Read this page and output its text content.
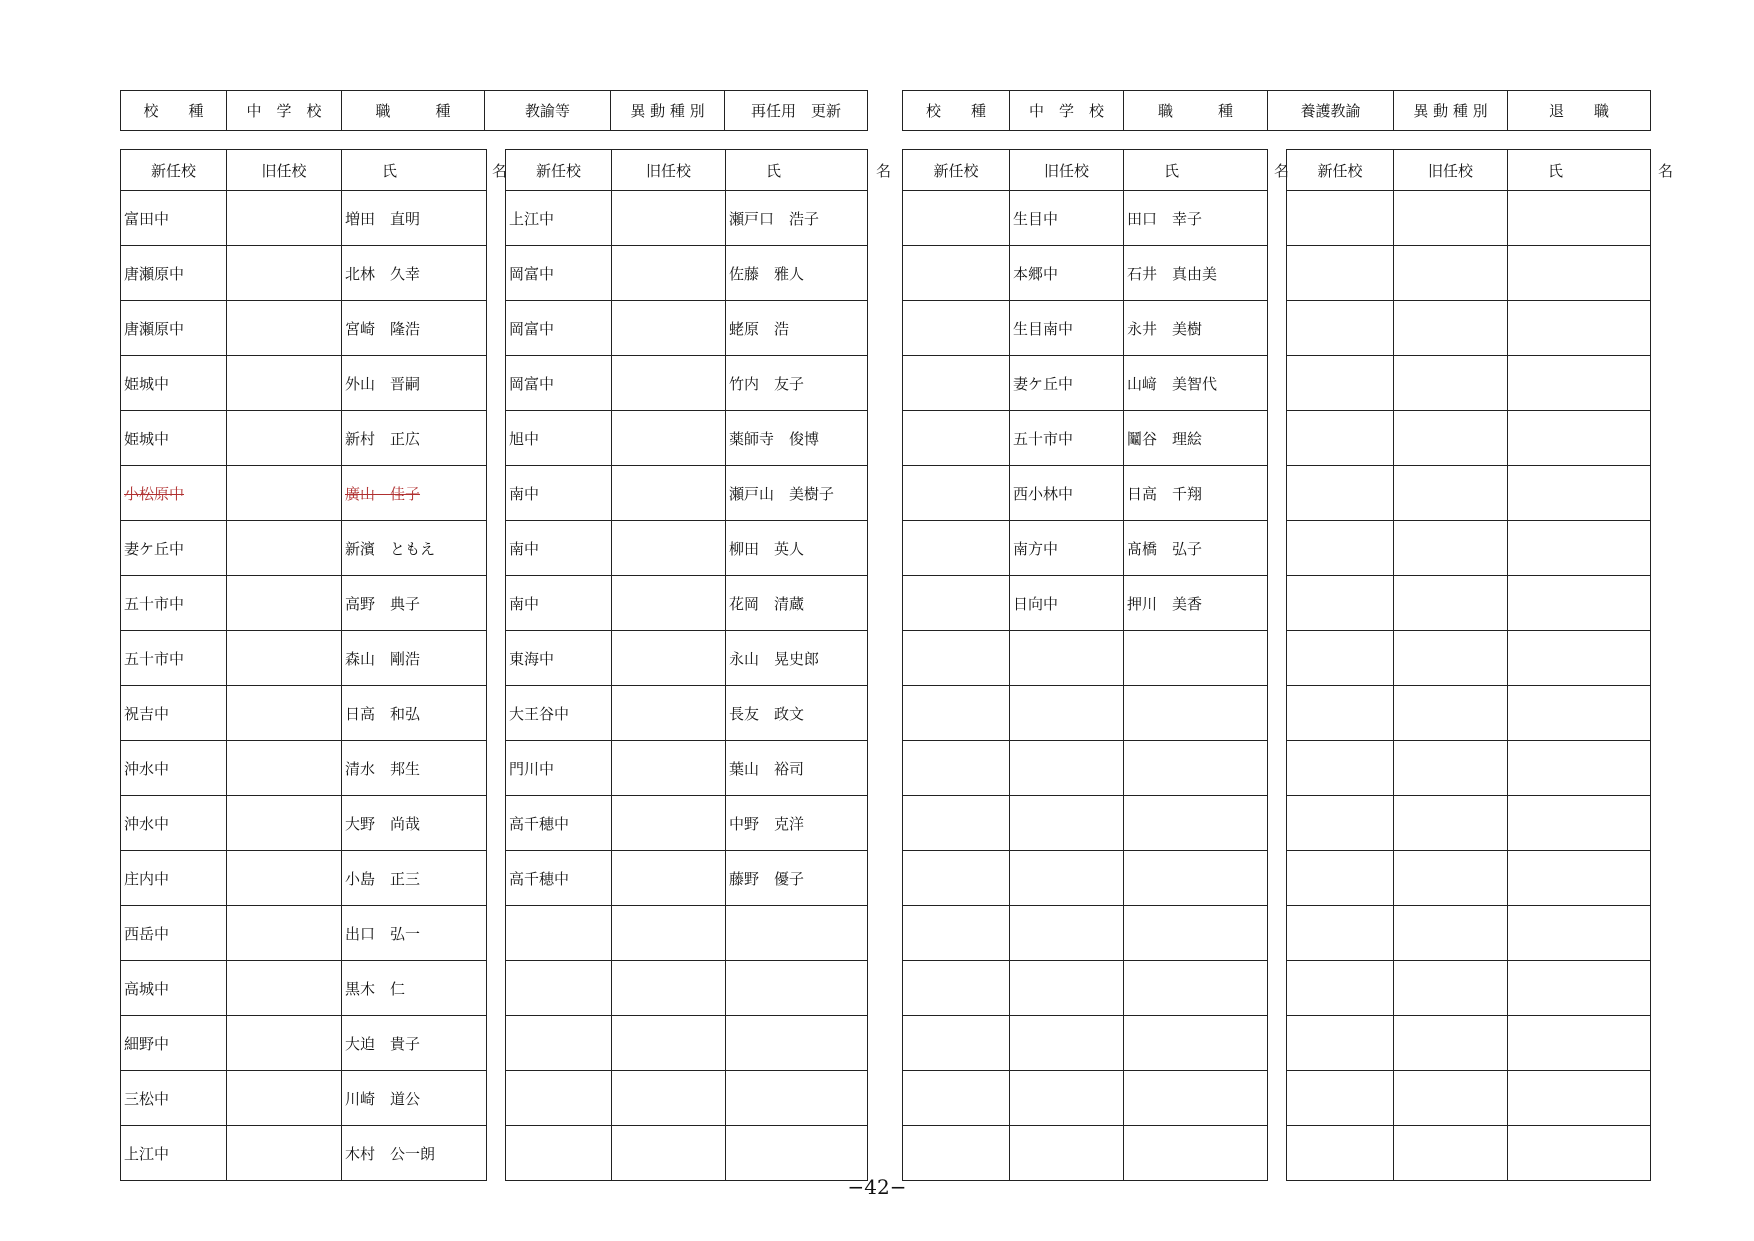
校　　種	中　学　校	職　　　種	教諭等	異 動 種 別	再任用　更新	校　　種	中　学　校	職　　　種	養護教諭	異 動 種 別	退　　職
新任校	旧任校	氏　名
富田中		増田　直明
唐瀬原中		北林　久幸
唐瀬原中		宮崎　隆浩
姫城中		外山　晋嗣
姫城中		新村　正広
小松原中		廣山　佳子
妻ケ丘中		新濱　ともえ
五十市中		高野　典子
五十市中		森山　剛浩
祝吉中		日高　和弘
沖水中		清水　邦生
沖水中		大野　尚哉
庄内中		小島　正三
西岳中		出口　弘一
高城中		黒木　仁
細野中		大迫　貴子
三松中		川崎　道公
上江中		木村　公一朗
新任校	旧任校	氏　名
上江中		瀬戸口　浩子
岡富中		佐藤　雅人
岡富中		蛯原　浩
岡富中		竹内　友子
旭中		薬師寺　俊博
南中		瀬戸山　美樹子
南中		柳田　英人
南中		花岡　清蔵
東海中		永山　晃史郎
大王谷中		長友　政文
門川中		葉山　裕司
高千穂中		中野　克洋
高千穂中		藤野　優子

新任校	旧任校	氏　名
	生目中	田口　幸子
	本郷中	石井　真由美
	生目南中	永井　美樹
	妻ケ丘中	山﨑　美智代
	五十市中	鬮谷　理絵
	西小林中	日高　千翔
	南方中	髙橋　弘子
	日向中	押川　美香

新任校	旧任校	氏　名

−42−
